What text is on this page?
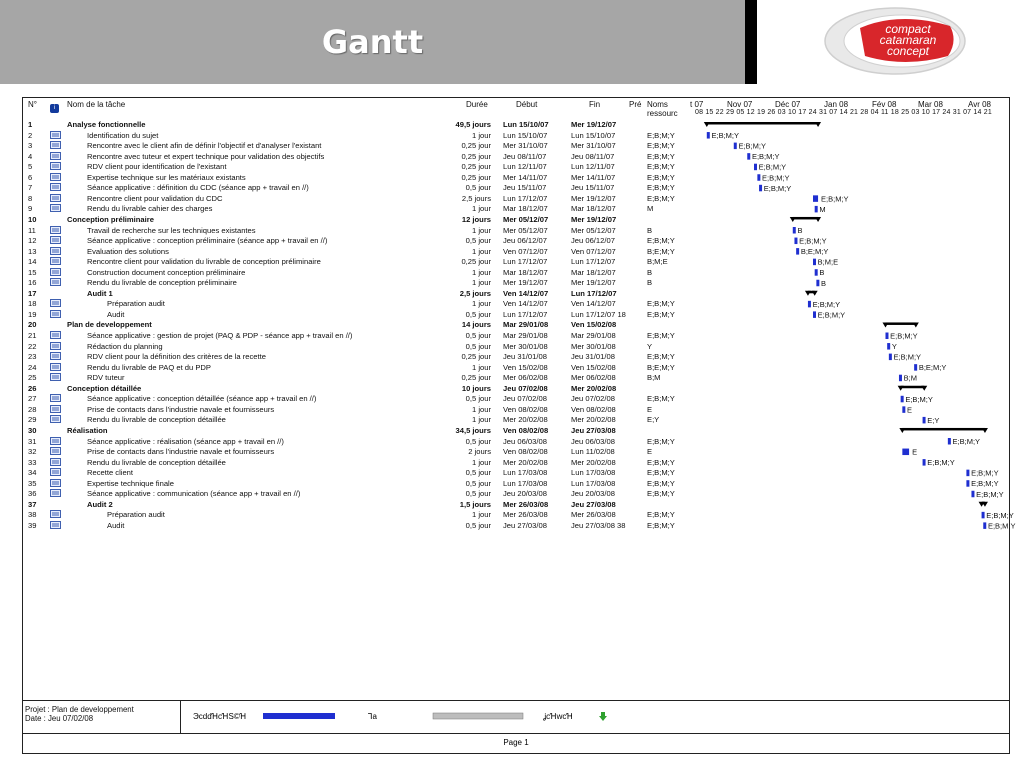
Gantt	compact
catamaran
concept
N°	i	Nom de la tâche	Durée	Début	Fin	Pré Noms
ressourc
t 07	Nov 07	Déc 07	Jan 08	Fév 08	Mar 08	Avr 08
08 15 22 29 05 12 19 26 03 10 17 24 31 07 14 21 28 04 11 18 25 03 10 17 24 31 07 14 21
1	Analyse fonctionnelle	49,5 jours Lun 15/10/07	Mer 19/12/07
2	Identification du sujet	1 jour Lun 15/10/07	Lun 15/10/07	E;B;M;Y
3	Rencontre avec le client afin de définir l'objectif et d'analyser l'existant	0,25 jour Mer 31/10/07	Mer 31/10/07	E;B;M;Y
4	Rencontre avec tuteur et expert technique pour validation des objectifs	0,25 jour Jeu 08/11/07	Jeu 08/11/07	E;B;M;Y
5	RDV client pour identification de l'existant	0,25 jour Lun 12/11/07	Lun 12/11/07	E;B;M;Y
6	Expertise technique sur les matériaux existants	0,25 jour Mer 14/11/07	Mer 14/11/07	E;B;M;Y
7	Séance applicative : définition du CDC (séance app + travail en //)	0,5 jour Jeu 15/11/07	Jeu 15/11/07	E;B;M;Y
8	Rencontre client pour validation du CDC	2,5 jours Lun 17/12/07	Mer 19/12/07	E;B;M;Y
9	Rendu du livrable cahier des charges	1 jour Mar 18/12/07	Mar 18/12/07	M
10	Conception préliminaire	12 jours Mer 05/12/07	Mer 19/12/07
11	Travail de recherche sur les techniques existantes	1 jour Mer 05/12/07	Mer 05/12/07	B
12	Séance applicative : conception préliminaire (séance app + travail en //)	0,5 jour Jeu 06/12/07	Jeu 06/12/07	E;B;M;Y
13	Evaluation des solutions	1 jour Ven 07/12/07	Ven 07/12/07	B;E;M;Y
14	Rencontre client pour validation du livrable de conception préliminaire	0,25 jour Lun 17/12/07	Lun 17/12/07	B;M;E
15	Construction document conception préliminaire	1 jour Mar 18/12/07	Mar 18/12/07	B
16	Rendu du livrable de conception préliminaire	1 jour Mer 19/12/07	Mer 19/12/07	B
17	Audit 1	2,5 jours Ven 14/12/07	Lun 17/12/07
18	Préparation audit	1 jour Ven 14/12/07	Ven 14/12/07	E;B;M;Y
19	Audit	0,5 jour Lun 17/12/07	Lun 17/12/07 18	E;B;M;Y
20	Plan de developpement	14 jours Mar 29/01/08	Ven 15/02/08
21	Séance applicative : gestion de projet (PAQ & PDP - séance app + travail en //)	0,5 jour Mar 29/01/08	Mar 29/01/08	E;B;M;Y
22	Rédaction du planning	0,5 jour Mer 30/01/08	Mer 30/01/08	Y
23	RDV client pour la définition des critères de la recette	0,25 jour Jeu 31/01/08	Jeu 31/01/08	E;B;M;Y
24	Rendu du livrable de PAQ et du PDP	1 jour Ven 15/02/08	Ven 15/02/08	B;E;M;Y
25	RDV tuteur	0,25 jour Mer 06/02/08	Mer 06/02/08	B;M
26	Conception détaillée	10 jours Jeu 07/02/08	Mer 20/02/08
27	Séance applicative : conception détaillée (séance app + travail en //)	0,5 jour Jeu 07/02/08	Jeu 07/02/08	E;B;M;Y
28	Prise de contacts dans l'industrie navale et fournisseurs	1 jour Ven 08/02/08	Ven 08/02/08	E
29	Rendu du livrable de conception détaillée	1 jour Mer 20/02/08	Mer 20/02/08	E;Y
30	Réalisation	34,5 jours Ven 08/02/08	Jeu 27/03/08
31	Séance applicative : réalisation (séance app + travail en //)	0,5 jour Jeu 06/03/08	Jeu 06/03/08	E;B;M;Y
32	Prise de contacts dans l'industrie navale et fournisseurs	2 jours Ven 08/02/08	Lun 11/02/08	E
33	Rendu du livrable de conception détaillée	1 jour Mer 20/02/08	Mer 20/02/08	E;B;M;Y
34	Recette client	0,5 jour Lun 17/03/08	Lun 17/03/08	E;B;M;Y
35	Expertise technique finale	0,5 jour Lun 17/03/08	Lun 17/03/08	E;B;M;Y
36	Séance applicative : communication (séance app + travail en //)	0,5 jour Jeu 20/03/08	Jeu 20/03/08	E;B;M;Y
37	Audit 2	1,5 jours Mer 26/03/08	Jeu 27/03/08
38	Préparation audit	1 jour Mer 26/03/08	Mer 26/03/08	E;B;M;Y
39	Audit	0,5 jour Jeu 27/03/08	Jeu 27/03/08 38	E;B;M;Y
E;B;M;Y
E;B;M;Y
E;B;M;Y
E;B;M;Y
E;B;M;Y
E;B;M;Y
E;B;M;Y
M
B
E;B;M;Y
B;E;M;Y
B;M;E
B
B
E;B;M;Y
E;B;M;Y
E;B;M;Y
Y
E;B;M;Y
B;E;M;Y
B;M
E;B;M;Y
E
E;Y
E;B;M;Y
E
E;B;M;Y
E;B;M;Y
E;B;M;Y
E;B;M;Y
E;B;M;Y
E;B;M;Y
Projet : Plan de developpement
Date : Jeu 07/02/08	ЭсddꞪсꞪS©Ɦ	Ꞁа	ʝсꞪwсꞪ
Page 1
